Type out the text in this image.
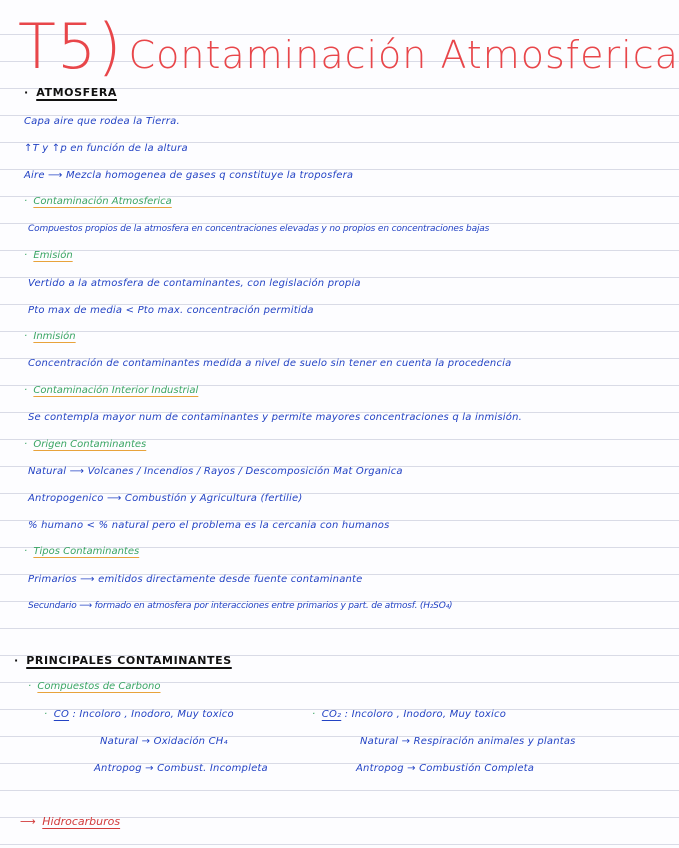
T5) Contaminación Atmosferica
· ATMOSFERA
Capa aire que rodea la Tierra.
↑T y ↑p en función de la altura
Aire ⟶ Mezcla homogenea de gases q constituye la troposfera
· Contaminación Atmosferica
Compuestos propios de la atmosfera en concentraciones elevadas y no propios en concentraciones bajas
· Emisión
Vertido a la atmosfera de contaminantes, con legislación propia
Pto max de media < Pto max. concentración permitida
· Inmisión
Concentración de contaminantes medida a nivel de suelo sin tener en cuenta la procedencia
· Contaminación Interior Industrial
Se contempla mayor num de contaminantes y permite mayores concentraciones q la inmisión.
· Origen Contaminantes
Natural ⟶ Volcanes / Incendios / Rayos / Descomposición Mat Organica
Antropogenico ⟶ Combustión y Agricultura (fertilie)
% humano < % natural pero el problema es la cercania con humanos
· Tipos Contaminantes
Primarios ⟶ emitidos directamente desde fuente contaminante
Secundario ⟶ formado en atmosfera por interacciones entre primarios y part. de atmosf. (H₂SO₄)
· PRINCIPALES CONTAMINANTES
· Compuestos de Carbono
· CO : Incoloro , Inodoro, Muy toxico
Natural → Oxidación CH₄
Antropog → Combust. Incompleta
· CO₂ : Incoloro , Inodoro, Muy toxico
Natural → Respiración animales y plantas
Antropog → Combustión Completa
⟶ Hidrocarburos
